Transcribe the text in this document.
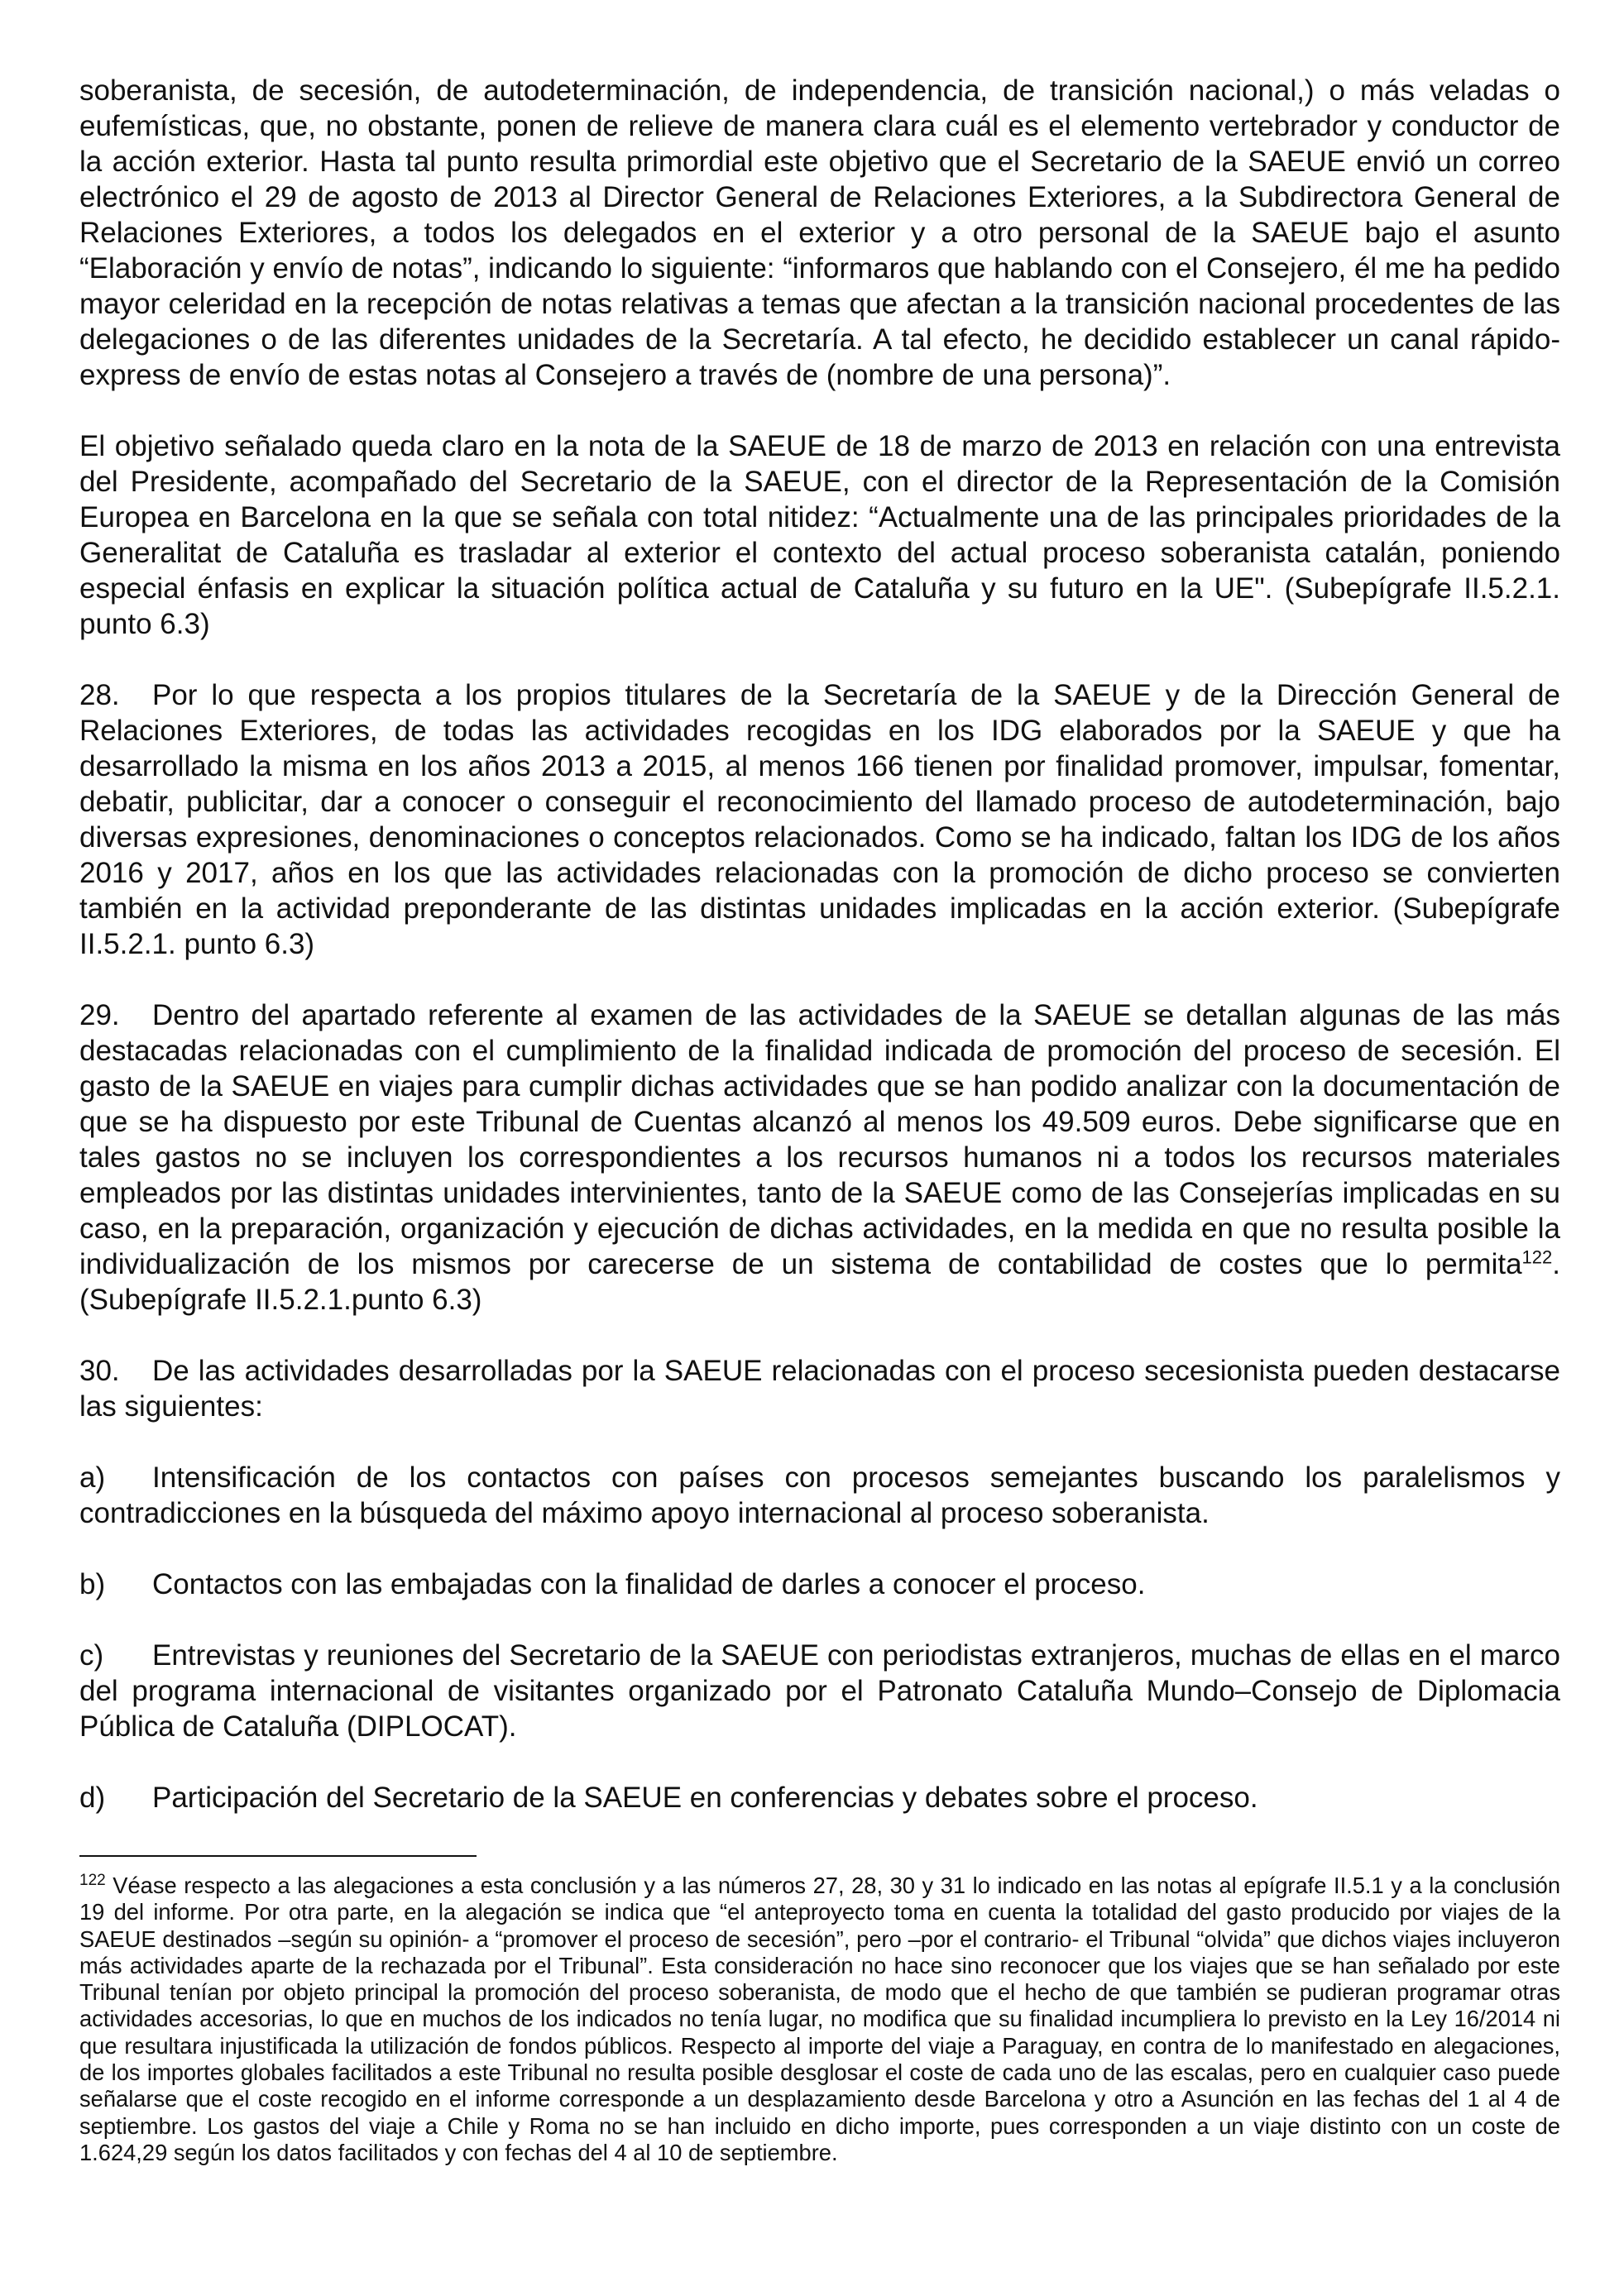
soberanista, de secesión, de autodeterminación, de independencia, de transición nacional,) o más veladas o eufemísticas, que, no obstante, ponen de relieve de manera clara cuál es el elemento vertebrador y conductor de la acción exterior. Hasta tal punto resulta primordial este objetivo que el Secretario de la SAEUE envió un correo electrónico el 29 de agosto de 2013 al Director General de Relaciones Exteriores, a la Subdirectora General de Relaciones Exteriores, a todos los delegados en el exterior y a otro personal de la SAEUE bajo el asunto “Elaboración y envío de notas”, indicando lo siguiente: “informaros que hablando con el Consejero, él me ha pedido mayor celeridad en la recepción de notas relativas a temas que afectan a la transición nacional procedentes de las delegaciones o de las diferentes unidades de la Secretaría. A tal efecto, he decidido establecer un canal rápido-express de envío de estas notas al Consejero a través de (nombre de una persona)”.

El objetivo señalado queda claro en la nota de la SAEUE de 18 de marzo de 2013 en relación con una entrevista del Presidente, acompañado del Secretario de la SAEUE, con el director de la Representación de la Comisión Europea en Barcelona en la que se señala con total nitidez: “Actualmente una de las principales prioridades de la Generalitat de Cataluña es trasladar al exterior el contexto del actual proceso soberanista catalán, poniendo especial énfasis en explicar la situación política actual de Cataluña y su futuro en la UE". (Subepígrafe II.5.2.1. punto 6.3)

28. Por lo que respecta a los propios titulares de la Secretaría de la SAEUE y de la Dirección General de Relaciones Exteriores, de todas las actividades recogidas en los IDG elaborados por la SAEUE y que ha desarrollado la misma en los años 2013 a 2015, al menos 166 tienen por finalidad promover, impulsar, fomentar, debatir, publicitar, dar a conocer o conseguir el reconocimiento del llamado proceso de autodeterminación, bajo diversas expresiones, denominaciones o conceptos relacionados. Como se ha indicado, faltan los IDG de los años 2016 y 2017, años en los que las actividades relacionadas con la promoción de dicho proceso se convierten también en la actividad preponderante de las distintas unidades implicadas en la acción exterior. (Subepígrafe II.5.2.1. punto 6.3)

29. Dentro del apartado referente al examen de las actividades de la SAEUE se detallan algunas de las más destacadas relacionadas con el cumplimiento de la finalidad indicada de promoción del proceso de secesión. El gasto de la SAEUE en viajes para cumplir dichas actividades que se han podido analizar con la documentación de que se ha dispuesto por este Tribunal de Cuentas alcanzó al menos los 49.509 euros. Debe significarse que en tales gastos no se incluyen los correspondientes a los recursos humanos ni a todos los recursos materiales empleados por las distintas unidades intervinientes, tanto de la SAEUE como de las Consejerías implicadas en su caso, en la preparación, organización y ejecución de dichas actividades, en la medida en que no resulta posible la individualización de los mismos por carecerse de un sistema de contabilidad de costes que lo permita$^{122}$. (Subepígrafe II.5.2.1.punto 6.3)

30. De las actividades desarrolladas por la SAEUE relacionadas con el proceso secesionista pueden destacarse las siguientes:

a) Intensificación de los contactos con países con procesos semejantes buscando los paralelismos y contradicciones en la búsqueda del máximo apoyo internacional al proceso soberanista.

b) Contactos con las embajadas con la finalidad de darles a conocer el proceso.

c) Entrevistas y reuniones del Secretario de la SAEUE con periodistas extranjeros, muchas de ellas en el marco del programa internacional de visitantes organizado por el Patronato Cataluña Mundo–Consejo de Diplomacia Pública de Cataluña (DIPLOCAT).

d) Participación del Secretario de la SAEUE en conferencias y debates sobre el proceso.

$^{122}$ Véase respecto a las alegaciones a esta conclusión y a las números 27, 28, 30 y 31 lo indicado en las notas al epígrafe II.5.1 y a la conclusión 19 del informe. Por otra parte, en la alegación se indica que “el anteproyecto toma en cuenta la totalidad del gasto producido por viajes de la SAEUE destinados –según su opinión- a “promover el proceso de secesión”, pero –por el contrario- el Tribunal “olvida” que dichos viajes incluyeron más actividades aparte de la rechazada por el Tribunal”. Esta consideración no hace sino reconocer que los viajes que se han señalado por este Tribunal tenían por objeto principal la promoción del proceso soberanista, de modo que el hecho de que también se pudieran programar otras actividades accesorias, lo que en muchos de los indicados no tenía lugar, no modifica que su finalidad incumpliera lo previsto en la Ley 16/2014 ni que resultara injustificada la utilización de fondos públicos. Respecto al importe del viaje a Paraguay, en contra de lo manifestado en alegaciones, de los importes globales facilitados a este Tribunal no resulta posible desglosar el coste de cada uno de las escalas, pero en cualquier caso puede señalarse que el coste recogido en el informe corresponde a un desplazamiento desde Barcelona y otro a Asunción en las fechas del 1 al 4 de septiembre. Los gastos del viaje a Chile y Roma no se han incluido en dicho importe, pues corresponden a un viaje distinto con un coste de 1.624,29 según los datos facilitados y con fechas del 4 al 10 de septiembre.
